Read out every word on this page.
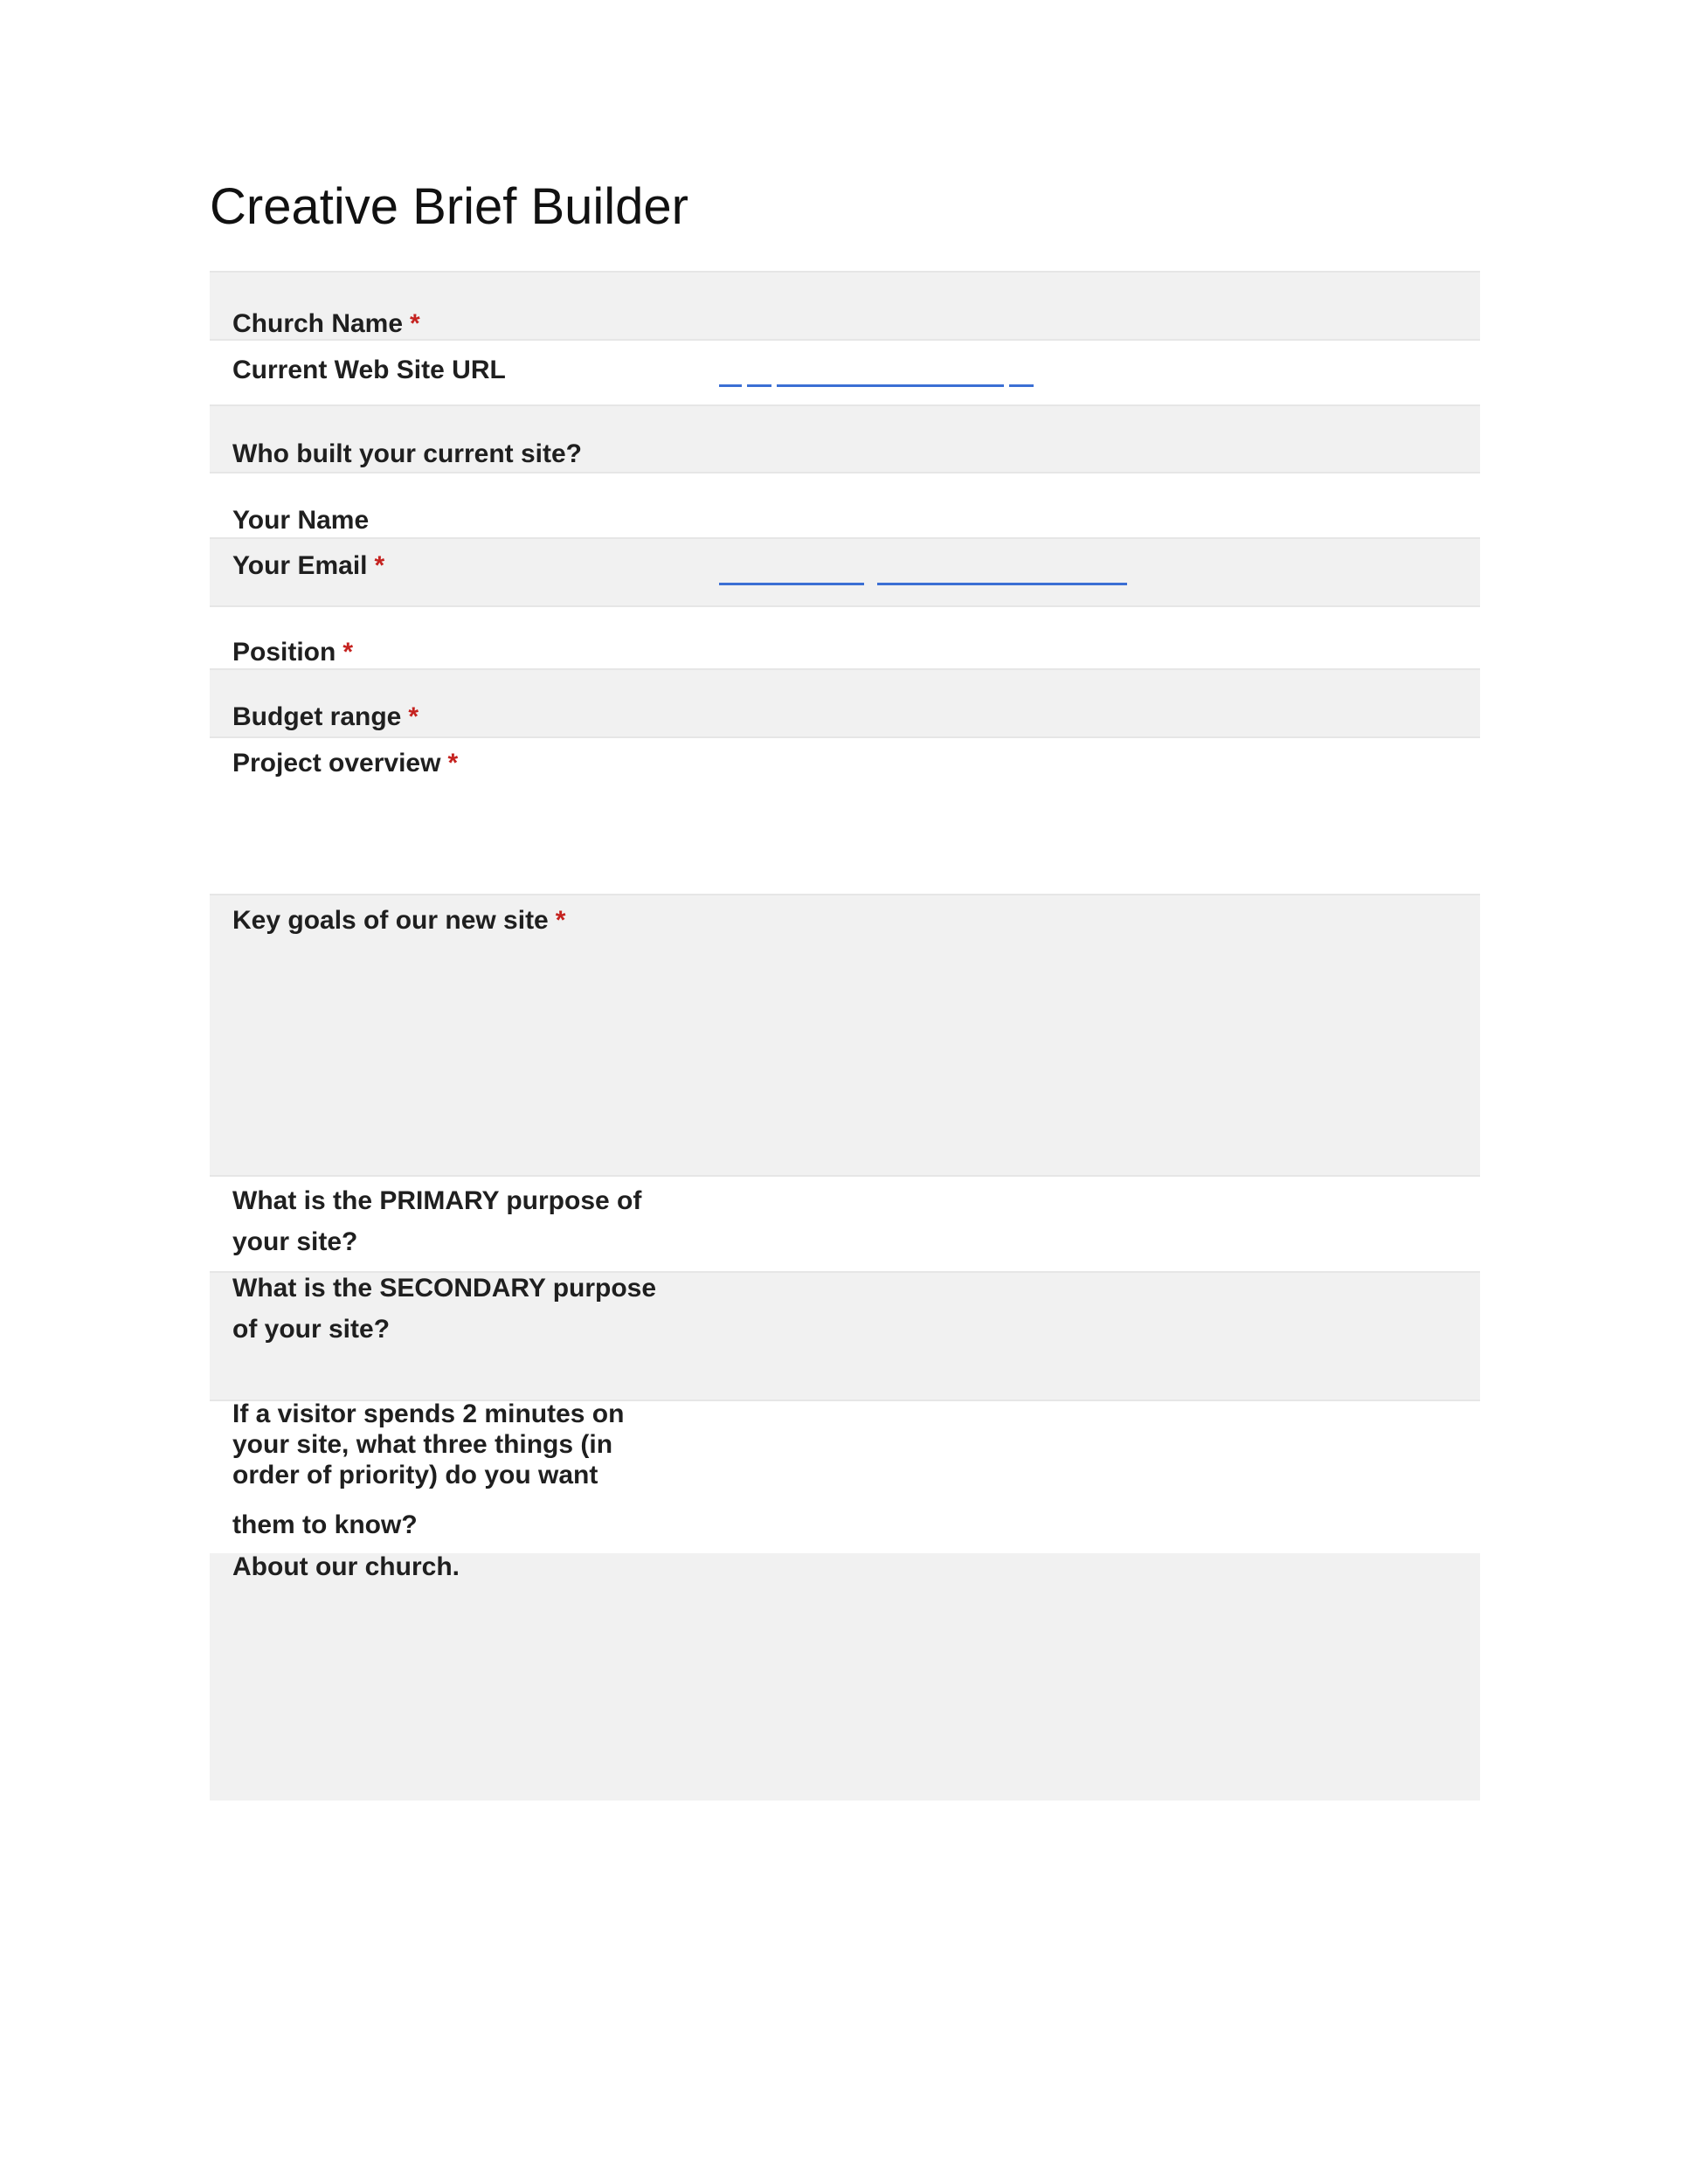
Creative Brief Builder
Church Name *
Current Web Site URL
Who built your current site?
Your Name
Your Email *
Position *
Budget range *
Project overview *
Key goals of our new site *
What is the PRIMARY purpose of
your site?
What is the SECONDARY purpose
of your site?
If a visitor spends 2 minutes on
your site, what three things (in
order of priority) do you want
them to know?
About our church.
